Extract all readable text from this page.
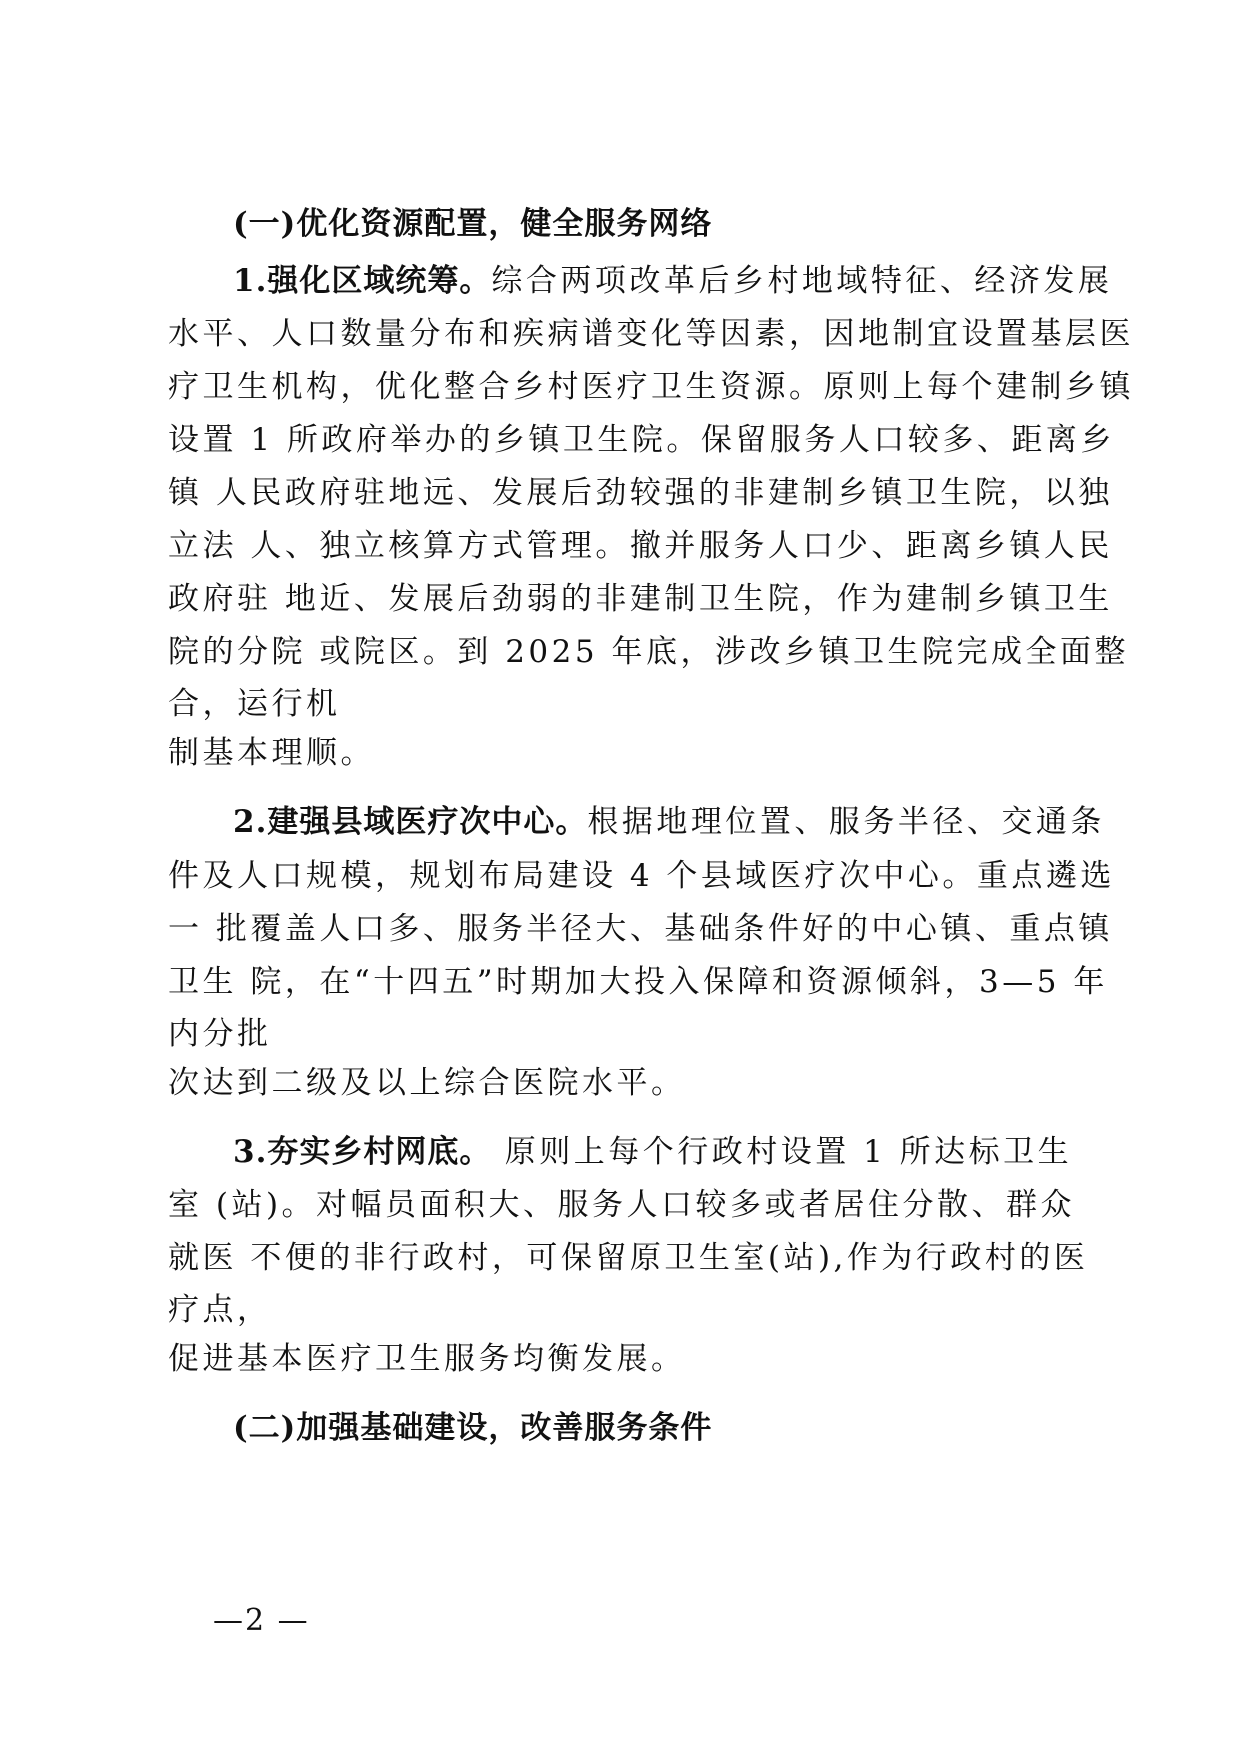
(一)优化资源配置，健全服务网络
1.强化区域统筹。综合两项改革后乡村地域特征、经济发展
水平、人口数量分布和疾病谱变化等因素，因地制宜设置基层医
疗卫生机构，优化整合乡村医疗卫生资源。原则上每个建制乡镇
设置 1 所政府举办的乡镇卫生院。保留服务人口较多、距离乡
镇 人民政府驻地远、发展后劲较强的非建制乡镇卫生院，以独
立法 人、独立核算方式管理。撤并服务人口少、距离乡镇人民
政府驻 地近、发展后劲弱的非建制卫生院，作为建制乡镇卫生
院的分院 或院区。到 2025 年底，涉改乡镇卫生院完成全面整
合，运行机
制基本理顺。
2.建强县域医疗次中心。根据地理位置、服务半径、交通条
件及人口规模，规划布局建设 4 个县域医疗次中心。重点遴选
一 批覆盖人口多、服务半径大、基础条件好的中心镇、重点镇
卫生 院，在“十四五”时期加大投入保障和资源倾斜，3—5 年
内分批
次达到二级及以上综合医院水平。
3.夯实乡村网底。 原则上每个行政村设置 1 所达标卫生
室 (站)。对幅员面积大、服务人口较多或者居住分散、群众
就医 不便的非行政村，可保留原卫生室(站),作为行政村的医
疗点，
促进基本医疗卫生服务均衡发展。
(二)加强基础建设，改善服务条件
—2 —
